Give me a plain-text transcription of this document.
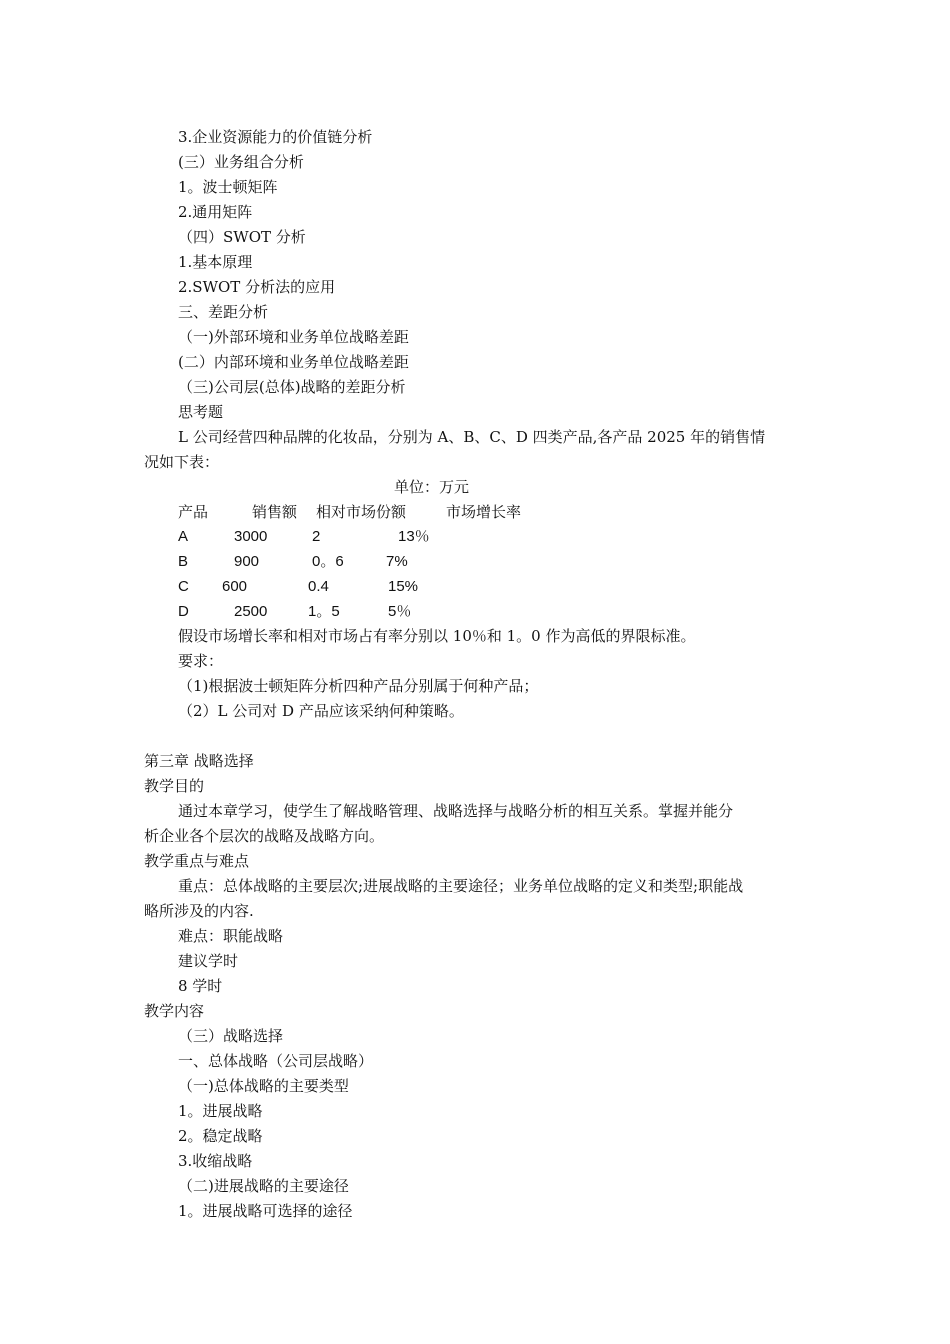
3.企业资源能力的价值链分析
(三）业务组合分析
1。波士顿矩阵
2.通用矩阵
（四）SWOT 分析
1.基本原理
2.SWOT 分析法的应用
三、差距分析
（一)外部环境和业务单位战略差距
(二）内部环境和业务单位战略差距
（三)公司层(总体)战略的差距分析
思考题
L 公司经营四种品牌的化妆品，分别为 A、B、C、D 四类产品,各产品 2025 年的销售情
况如下表：
单位：万元
产品	销售额 相对市场份额	市场增长率
A	3000	2	13％
B	900	0。6	7%
C 600	0.4	15%
D	2500	1。5	5％
假设市场增长率和相对市场占有率分别以 10％和 1。0 作为高低的界限标准。
要求：
（1)根据波士顿矩阵分析四种产品分别属于何种产品；
（2）L 公司对 D 产品应该采纳何种策略。
第三章 战略选择
教学目的
通过本章学习，使学生了解战略管理、战略选择与战略分析的相互关系。掌握并能分
析企业各个层次的战略及战略方向。
教学重点与难点
重点：总体战略的主要层次;进展战略的主要途径；业务单位战略的定义和类型;职能战
略所涉及的内容.
难点：职能战略
建议学时
8 学时
教学内容
（三）战略选择
一、总体战略（公司层战略）
（一)总体战略的主要类型
1。进展战略
2。稳定战略
3.收缩战略
（二)进展战略的主要途径
1。进展战略可选择的途径
